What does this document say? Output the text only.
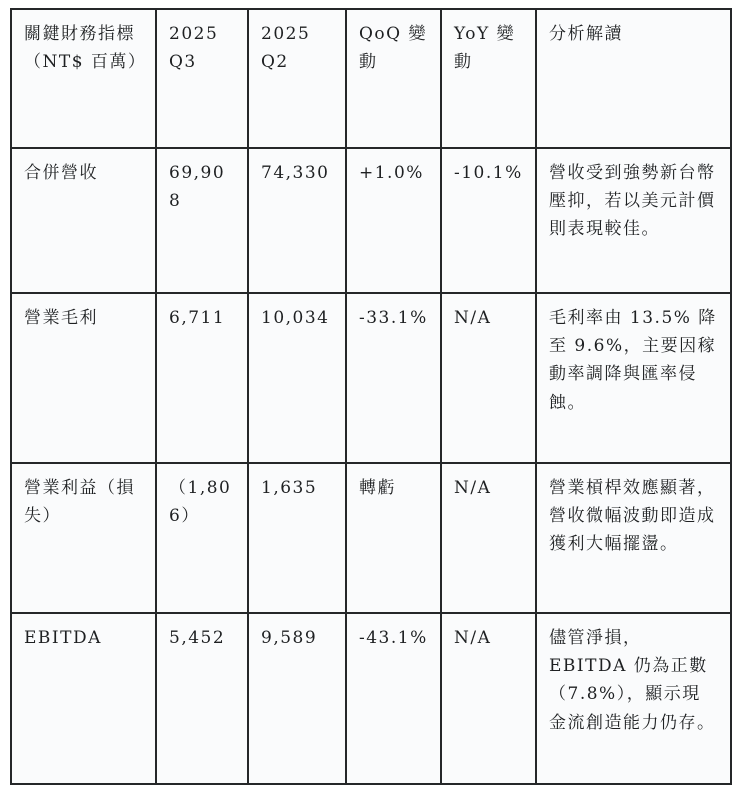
關鍵財務指標（NT$ 百萬）	2025 Q3	2025 Q2	QoQ 變動	YoY 變動	分析解讀
合併營收	69,908	74,330	+1.0%	-10.1%	營收受到強勢新台幣壓抑，若以美元計價則表現較佳。
營業毛利	6,711	10,034	-33.1%	N/A	毛利率由 13.5% 降至 9.6%，主要因稼動率調降與匯率侵蝕。
營業利益（損失）	（1,806）	1,635	轉虧	N/A	營業槓桿效應顯著，營收微幅波動即造成獲利大幅擺盪。
EBITDA	5,452	9,589	-43.1%	N/A	儘管淨損，EBITDA 仍為正數（7.8%），顯示現金流創造能力仍存。
